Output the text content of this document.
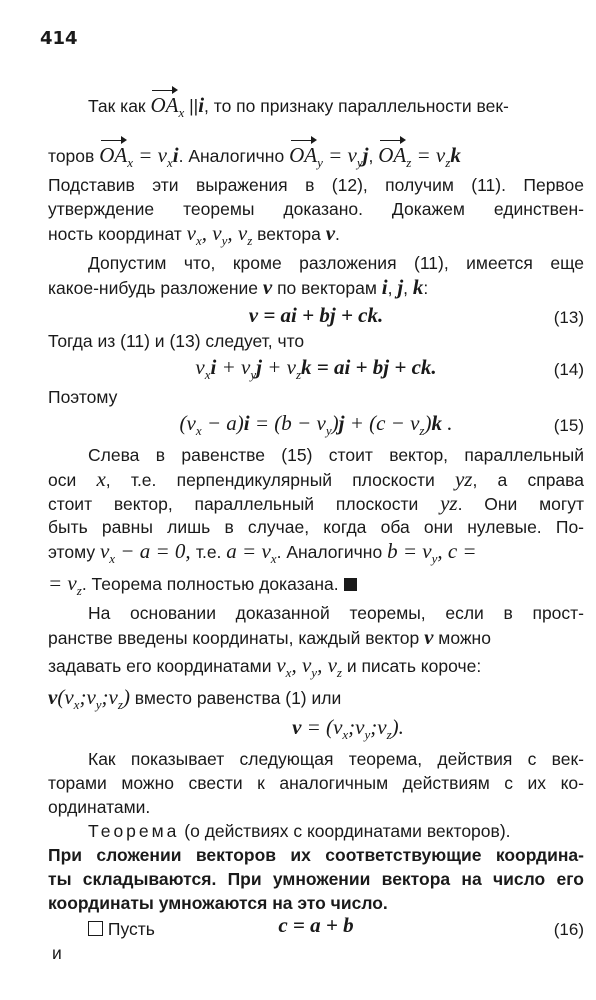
414
Так как $OA_x$ ||i, то по признаку параллельности век-
торов $OA_x = v_xi$. Аналогично $OA_y = v_yj$, $OA_z = v_zk$
Подставив эти выражения в (12), получим (11). Первое
утверждение теоремы доказано. Докажем единствен-
ность координат $v_x$, $v_y$, $v_z$ вектора v.
Допустим что, кроме разложения (11), имеется еще
какое-нибудь разложение v по векторам i, j, k:
v = ai + bj + ck.	(13)
Тогда из (11) и (13) следует, что
$v_xi + v_yj + v_zk$ = ai + bj + ck.	(14)
Поэтому
$(v_x - a)i = (b - v_y)j + (c - v_z)k$ .	(15)
Слева в равенстве (15) стоит вектор, параллельный
оси x, т.е. перпендикулярный плоскости yz, а справа
стоит вектор, параллельный плоскости yz. Они могут
быть равны лишь в случае, когда оба они нулевые. По-
этому $v_x - a = 0$, т.е. $a = v_x$. Аналогично $b = v_y$, c =
= $v_z$. Теорема полностью доказана.
На основании доказанной теоремы, если в прост-
ранстве введены координаты, каждый вектор v можно
задавать его координатами $v_x$, $v_y$, $v_z$ и писать короче:
$v(v_x;v_y;v_z)$ вместо равенства (1) или
$v = (v_x;v_y;v_z)$.
Как показывает следующая теорема, действия с век-
торами можно свести к аналогичным действиям с их ко-
ординатами.
Теорема (о действиях с координатами векторов).
При сложении векторов их соответствующие координа-
ты складываются. При умножении вектора на число его
координаты умножаются на это число.
Пусть	c = a + b	(16)
и
